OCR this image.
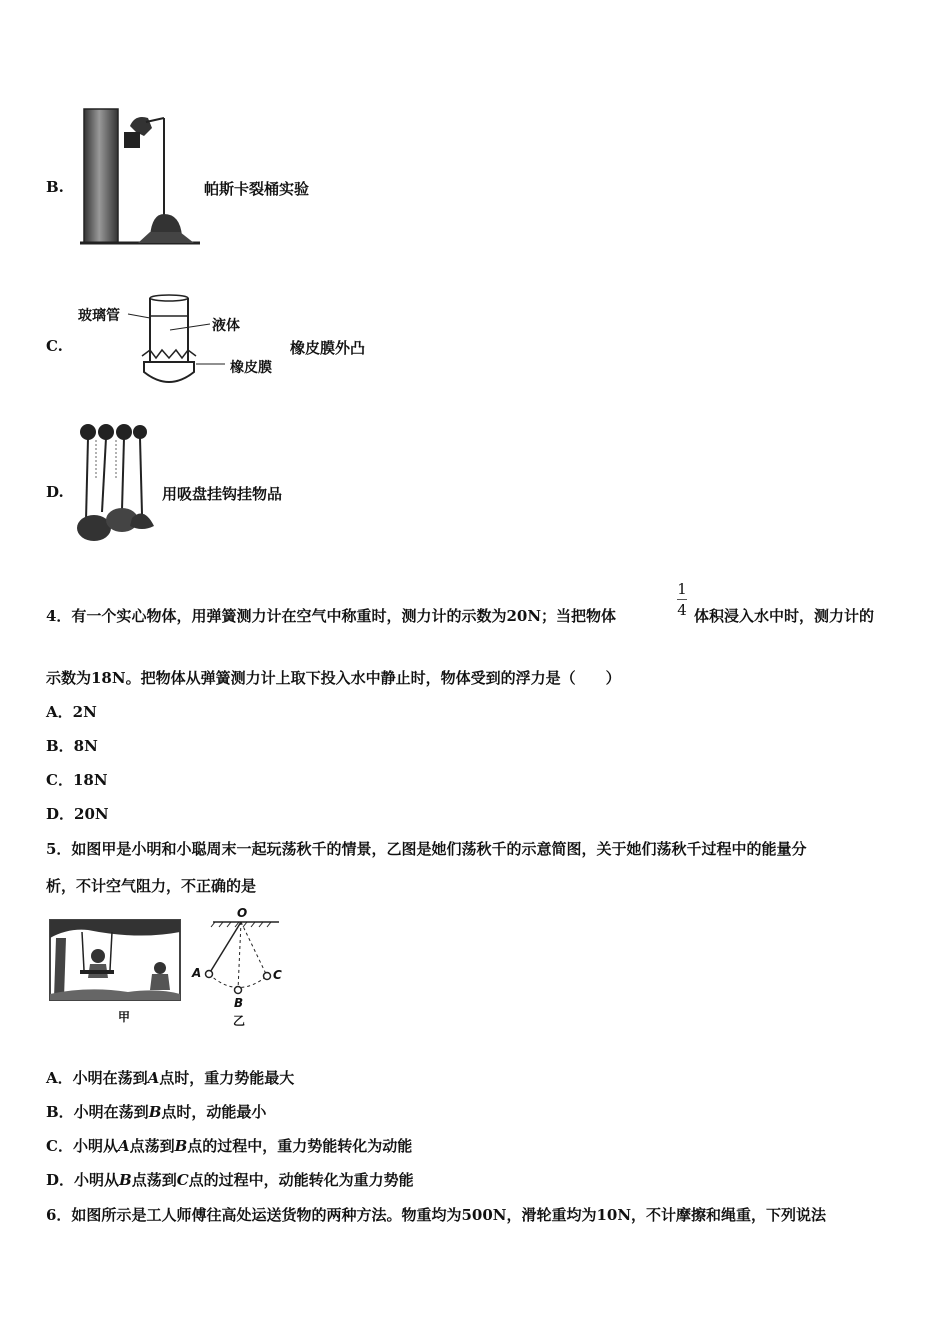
B.	帕斯卡裂桶实验
C.
玻璃管
液体
橡皮膜
橡皮膜外凸
D.	用吸盘挂钩挂物品
4．有一个实心物体，用弹簧测力计在空气中称重时，测力计的示数为20N；当把物体
1
4 体积浸入水中时，测力计的
示数为18N。把物体从弹簧测力计上取下投入水中静止时，物体受到的浮力是（　　）
A．2N
B．8N
C．18N
D．20N
5．如图甲是小明和小聪周末一起玩荡秋千的情景，乙图是她们荡秋千的示意简图，关于她们荡秋千过程中的能量分
析，不计空气阻力，不正确的是
甲
O
A
B
C
乙
A．小明在荡到A点时，重力势能最大
B．小明在荡到B点时，动能最小
C．小明从A点荡到B点的过程中，重力势能转化为动能
D．小明从B点荡到C点的过程中，动能转化为重力势能
6．如图所示是工人师傅往高处运送货物的两种方法。物重均为500N，滑轮重均为10N，不计摩擦和绳重，下列说法
